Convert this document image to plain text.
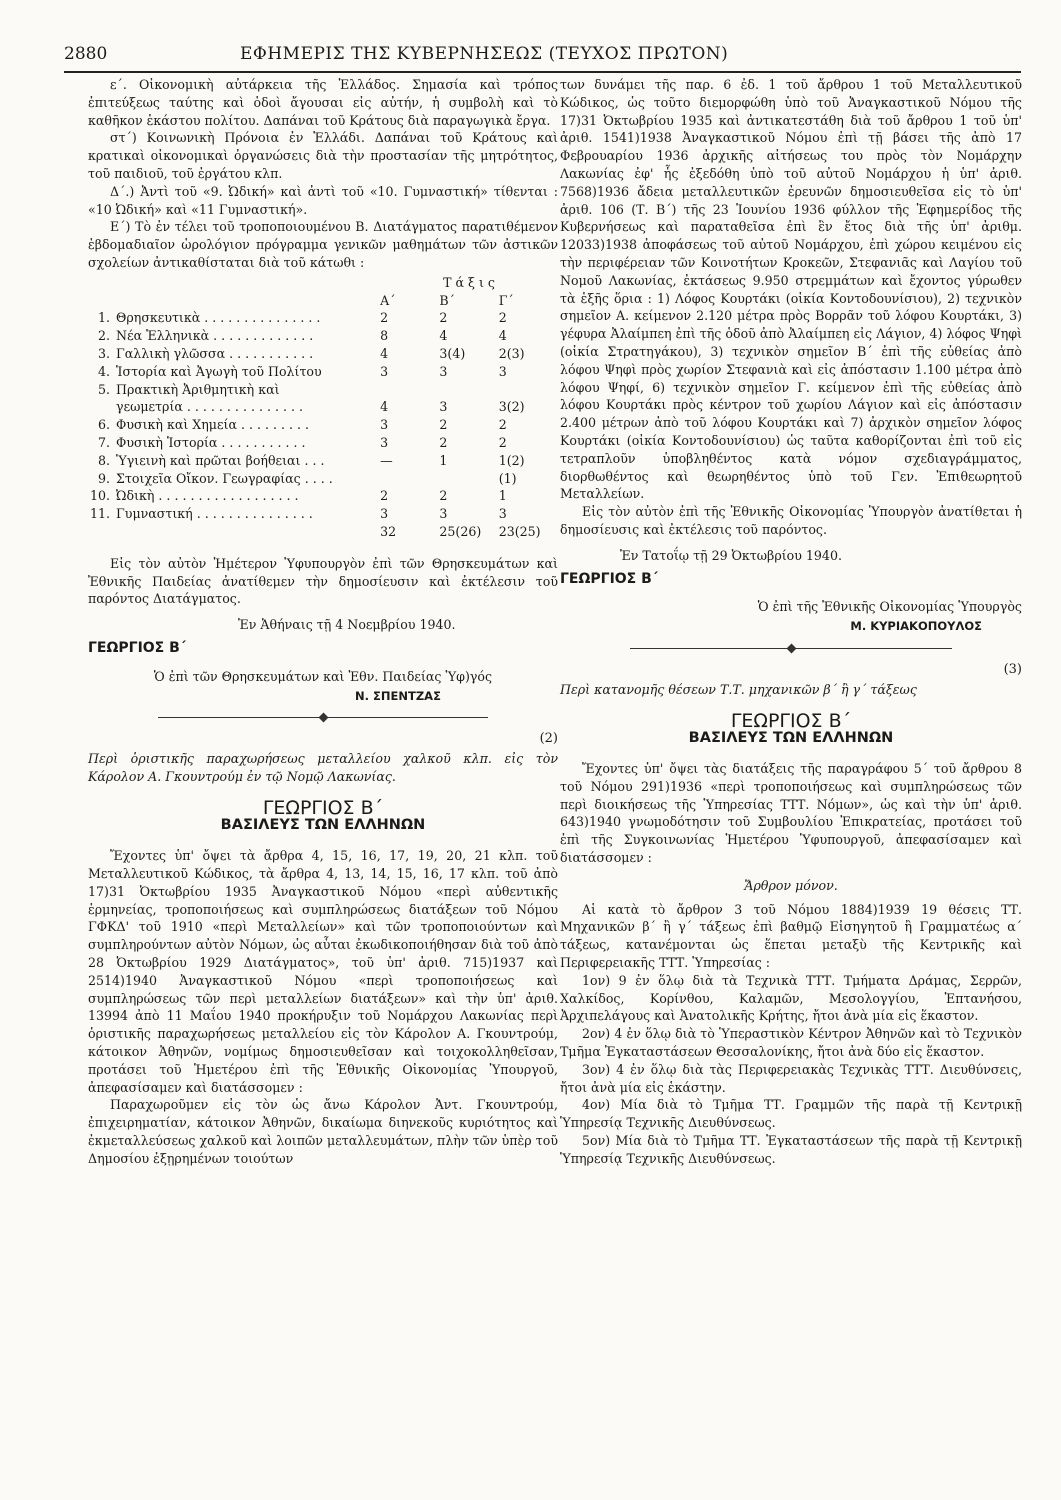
2880	ΕΦΗΜΕΡΙΣ ΤΗΣ ΚΥΒΕΡΝΗΣΕΩΣ (ΤΕΥΧΟΣ ΠΡΩΤΟΝ)

ε΄. Οἰκονομικὴ αὐτάρκεια τῆς Ἑλλάδος. Σημασία καὶ τρόπος ἐπιτεύξεως ταύτης καὶ ὁδοὶ ἄγουσαι εἰς αὐτήν, ἡ συμβολὴ καὶ τὸ καθῆκον ἑκάστου πολίτου. Δαπάναι τοῦ Κράτους διὰ παραγωγικὰ ἔργα.

στ΄) Κοινωνικὴ Πρόνοια ἐν Ἑλλάδι. Δαπάναι τοῦ Κράτους καὶ κρατικαὶ οἰκονομικαὶ ὀργανώσεις διὰ τὴν προστασίαν τῆς μητρότητος, τοῦ παιδιοῦ, τοῦ ἐργάτου κλπ.

Δ΄.) Ἀντὶ τοῦ «9. Ὠδική» καὶ ἀντὶ τοῦ «10. Γυμναστική» τίθενται : «10 Ὠδική» καὶ «11 Γυμναστική».

Ε΄) Τὸ ἐν τέλει τοῦ τροποποιουμένου Β. Διατάγματος παρατιθέμενον ἑβδομαδιαῖον ὡρολόγιον πρόγραμμα γενικῶν μαθημάτων τῶν ἀστικῶν σχολείων ἀντικαθίσταται διὰ τοῦ κάτωθι :

		Τ ά ξ ι ς		
		Α΄	Β΄	Γ΄
1.	Θρησκευτικὰ . . . . . . . . . . . . . . .	2	2	2
2.	Νέα Ἑλληνικὰ . . . . . . . . . . . . .	8	4	4
3.	Γαλλικὴ γλῶσσα . . . . . . . . . . .	4	3(4)	2(3)
4.	Ἱστορία καὶ Ἀγωγὴ τοῦ Πολίτου	3	3	3
5.	Πρακτικὴ Ἀριθμητικὴ καὶ			
	γεωμετρία . . . . . . . . . . . . . . .	4	3	3(2)
6.	Φυσικὴ καὶ Χημεία . . . . . . . . .	3	2	2
7.	Φυσικὴ Ἱστορία . . . . . . . . . . .	3	2	2
8.	Ὑγιεινὴ καὶ πρῶται βοήθειαι . . .	—	1	1(2)
9.	Στοιχεῖα Οἴκον. Γεωγραφίας . . . .			(1)
10.	Ὠδικὴ . . . . . . . . . . . . . . . . . .	2	2	1
11.	Γυμναστική . . . . . . . . . . . . . . .	3	3	3
		32	25(26)	23(25)

Εἰς τὸν αὐτὸν Ἡμέτερον Ὑφυπουργὸν ἐπὶ τῶν Θρησκευμάτων καὶ Ἐθνικῆς Παιδείας ἀνατίθεμεν τὴν δημοσίευσιν καὶ ἐκτέλεσιν τοῦ παρόντος Διατάγματος.

Ἐν Ἀθήναις τῇ 4 Νοεμβρίου 1940.

ΓΕΩΡΓΙΟΣ Β΄

Ὁ ἐπὶ τῶν Θρησκευμάτων καὶ Ἐθν. Παιδείας Ὑφ)γός

Ν. ΣΠΕΝΤΖΑΣ
(2)

Περὶ ὁριστικῆς παραχωρήσεως μεταλλείου χαλκοῦ κλπ. εἰς τὸν Κάρολον Α. Γκουντρούμ ἐν τῷ Νομῷ Λακωνίας.

ΓΕΩΡΓΙΟΣ Β΄
ΒΑΣΙΛΕΥΣ ΤΩΝ ΕΛΛΗΝΩΝ

Ἔχοντες ὑπ' ὄψει τὰ ἄρθρα 4, 15, 16, 17, 19, 20, 21 κλπ. τοῦ Μεταλλευτικοῦ Κώδικος, τὰ ἄρθρα 4, 13, 14, 15, 16, 17 κλπ. τοῦ ἀπὸ 17)31 Ὀκτωβρίου 1935 Ἀναγκαστικοῦ Νόμου «περὶ αὐθεντικῆς ἑρμηνείας, τροποποιήσεως καὶ συμπληρώσεως διατάξεων τοῦ Νόμου ΓΦΚΔ' τοῦ 1910 «περὶ Μεταλλείων» καὶ τῶν τροποποιούντων καὶ συμπληρούντων αὐτὸν Νόμων, ὡς αὗται ἐκωδικοποιήθησαν διὰ τοῦ ἀπὸ 28 Ὀκτωβρίου 1929 Διατάγματος», τοῦ ὑπ' ἀριθ. 715)1937 καὶ 2514)1940 Ἀναγκαστικοῦ Νόμου «περὶ τροποποιήσεως καὶ συμπληρώσεως τῶν περὶ μεταλλείων διατάξεων» καὶ τὴν ὑπ' ἀριθ. 13994 ἀπὸ 11 Μαΐου 1940 προκήρυξιν τοῦ Νομάρχου Λακωνίας περὶ ὁριστικῆς παραχωρήσεως μεταλλείου εἰς τὸν Κάρολον Α. Γκουντρούμ, κάτοικον Ἀθηνῶν, νομίμως δημοσιευθεῖσαν καὶ τοιχοκολληθεῖσαν, προτάσει τοῦ Ἡμετέρου ἐπὶ τῆς Ἐθνικῆς Οἰκονομίας Ὑπουργοῦ, ἀπεφασίσαμεν καὶ διατάσσομεν :

Παραχωροῦμεν εἰς τὸν ὡς ἄνω Κάρολον Ἀντ. Γκουντρούμ, ἐπιχειρηματίαν, κάτοικον Ἀθηνῶν, δικαίωμα διηνεκοῦς κυριότητος καὶ ἐκμεταλλεύσεως χαλκοῦ καὶ λοιπῶν μεταλλευμάτων, πλὴν τῶν ὑπὲρ τοῦ Δημοσίου ἐξῃρημένων τοιούτων

των δυνάμει τῆς παρ. 6 ἐδ. 1 τοῦ ἄρθρου 1 τοῦ Μεταλλευτικοῦ Κώδικος, ὡς τοῦτο διεμορφώθη ὑπὸ τοῦ Ἀναγκαστικοῦ Νόμου τῆς 17)31 Ὀκτωβρίου 1935 καὶ ἀντικατεστάθη διὰ τοῦ ἄρθρου 1 τοῦ ὑπ' ἀριθ. 1541)1938 Ἀναγκαστικοῦ Νόμου ἐπὶ τῇ βάσει τῆς ἀπὸ 17 Φεβρουαρίου 1936 ἀρχικῆς αἰτήσεως του πρὸς τὸν Νομάρχην Λακωνίας ἐφ' ἧς ἐξεδόθη ὑπὸ τοῦ αὐτοῦ Νομάρχου ἡ ὑπ' ἀριθ. 7568)1936 ἄδεια μεταλλευτικῶν ἐρευνῶν δημοσιευθεῖσα εἰς τὸ ὑπ' ἀριθ. 106 (Τ. Β΄) τῆς 23 Ἰουνίου 1936 φύλλον τῆς Ἐφημερίδος τῆς Κυβερνήσεως καὶ παραταθεῖσα ἐπὶ ἓν ἔτος διὰ τῆς ὑπ' ἀριθμ. 12033)1938 ἀποφάσεως τοῦ αὐτοῦ Νομάρχου, ἐπὶ χώρου κειμένου εἰς τὴν περιφέρειαν τῶν Κοινοτήτων Κροκεῶν, Στεφανιᾶς καὶ Λαγίου τοῦ Νομοῦ Λακωνίας, ἐκτάσεως 9.950 στρεμμάτων καὶ ἔχοντος γύρωθεν τὰ ἑξῆς ὅρια : 1) Λόφος Κουρτάκι (οἰκία Κοντοδουνίσιου), 2) τεχνικὸν σημεῖον Α. κείμενον 2.120 μέτρα πρὸς Βορρᾶν τοῦ λόφου Κουρτάκι, 3) γέφυρα Ἀλαίμπεη ἐπὶ τῆς ὁδοῦ ἀπὸ Ἀλαίμπεη εἰς Λάγιον, 4) λόφος Ψηφὶ (οἰκία Στρατηγάκου), 3) τεχνικὸν σημεῖον Β΄ ἐπὶ τῆς εὐθείας ἀπὸ λόφου Ψηφὶ πρὸς χωρίον Στεφανιὰ καὶ εἰς ἀπόστασιν 1.100 μέτρα ἀπὸ λόφου Ψηφί, 6) τεχνικὸν σημεῖον Γ. κείμενον ἐπὶ τῆς εὐθείας ἀπὸ λόφου Κουρτάκι πρὸς κέντρον τοῦ χωρίου Λάγιον καὶ εἰς ἀπόστασιν 2.400 μέτρων ἀπὸ τοῦ λόφου Κουρτάκι καὶ 7) ἀρχικὸν σημεῖον λόφος Κουρτάκι (οἰκία Κοντοδουνίσιου) ὡς ταῦτα καθορίζονται ἐπὶ τοῦ εἰς τετραπλοῦν ὑποβληθέντος κατὰ νόμον σχεδιαγράμματος, διορθωθέντος καὶ θεωρηθέντος ὑπὸ τοῦ Γεν. Ἐπιθεωρητοῦ Μεταλλείων.

Εἰς τὸν αὐτὸν ἐπὶ τῆς Ἐθνικῆς Οἰκονομίας Ὑπουργὸν ἀνατίθεται ἡ δημοσίευσις καὶ ἐκτέλεσις τοῦ παρόντος.

Ἐν Τατοΐῳ τῇ 29 Ὀκτωβρίου 1940.

ΓΕΩΡΓΙΟΣ Β΄

Ὁ ἐπὶ τῆς Ἐθνικῆς Οἰκονομίας Ὑπουργὸς

Μ. ΚΥΡΙΑΚΟΠΟΥΛΟΣ
(3)

Περὶ κατανομῆς θέσεων Τ.Τ. μηχανικῶν β΄ ἢ γ΄ τάξεως

ΓΕΩΡΓΙΟΣ Β΄
ΒΑΣΙΛΕΥΣ ΤΩΝ ΕΛΛΗΝΩΝ

Ἔχοντες ὑπ' ὄψει τὰς διατάξεις τῆς παραγράφου 5΄ τοῦ ἄρθρου 8 τοῦ Νόμου 291)1936 «περὶ τροποποιήσεως καὶ συμπληρώσεως τῶν περὶ διοικήσεως τῆς Ὑπηρεσίας ΤΤΤ. Νόμων», ὡς καὶ τὴν ὑπ' ἀριθ. 643)1940 γνωμοδότησιν τοῦ Συμβουλίου Ἐπικρατείας, προτάσει τοῦ ἐπὶ τῆς Συγκοινωνίας Ἡμετέρου Ὑφυπουργοῦ, ἀπεφασίσαμεν καὶ διατάσσομεν :

Ἄρθρον μόνον.

Αἱ κατὰ τὸ ἄρθρον 3 τοῦ Νόμου 1884)1939 19 θέσεις ΤΤ. Μηχανικῶν β΄ ἢ γ΄ τάξεως ἐπὶ βαθμῷ Εἰσηγητοῦ ἢ Γραμματέως α΄ τάξεως, κατανέμονται ὡς ἕπεται μεταξὺ τῆς Κεντρικῆς καὶ Περιφερειακῆς ΤΤΤ. Ὑπηρεσίας :

1ον) 9 ἐν ὅλῳ διὰ τὰ Τεχνικὰ ΤΤΤ. Τμήματα Δράμας, Σερρῶν, Χαλκίδος, Κορίνθου, Καλαμῶν, Μεσολογγίου, Ἑπτανήσου, Ἀρχιπελάγους καὶ Ἀνατολικῆς Κρήτης, ἤτοι ἀνὰ μία εἰς ἕκαστον.

2ον) 4 ἐν ὅλῳ διὰ τὸ Ὑπεραστικὸν Κέντρον Ἀθηνῶν καὶ τὸ Τεχνικὸν Τμῆμα Ἐγκαταστάσεων Θεσσαλονίκης, ἤτοι ἀνὰ δύο εἰς ἕκαστον.

3ον) 4 ἐν ὅλῳ διὰ τὰς Περιφερειακὰς Τεχνικὰς ΤΤΤ. Διευθύνσεις, ἤτοι ἀνὰ μία εἰς ἑκάστην.

4ον) Μία διὰ τὸ Τμῆμα ΤΤ. Γραμμῶν τῆς παρὰ τῇ Κεντρικῇ Ὑπηρεσίᾳ Τεχνικῆς Διευθύνσεως.

5ον) Μία διὰ τὸ Τμῆμα ΤΤ. Ἐγκαταστάσεων τῆς παρὰ τῇ Κεντρικῇ Ὑπηρεσίᾳ Τεχνικῆς Διευθύνσεως.
